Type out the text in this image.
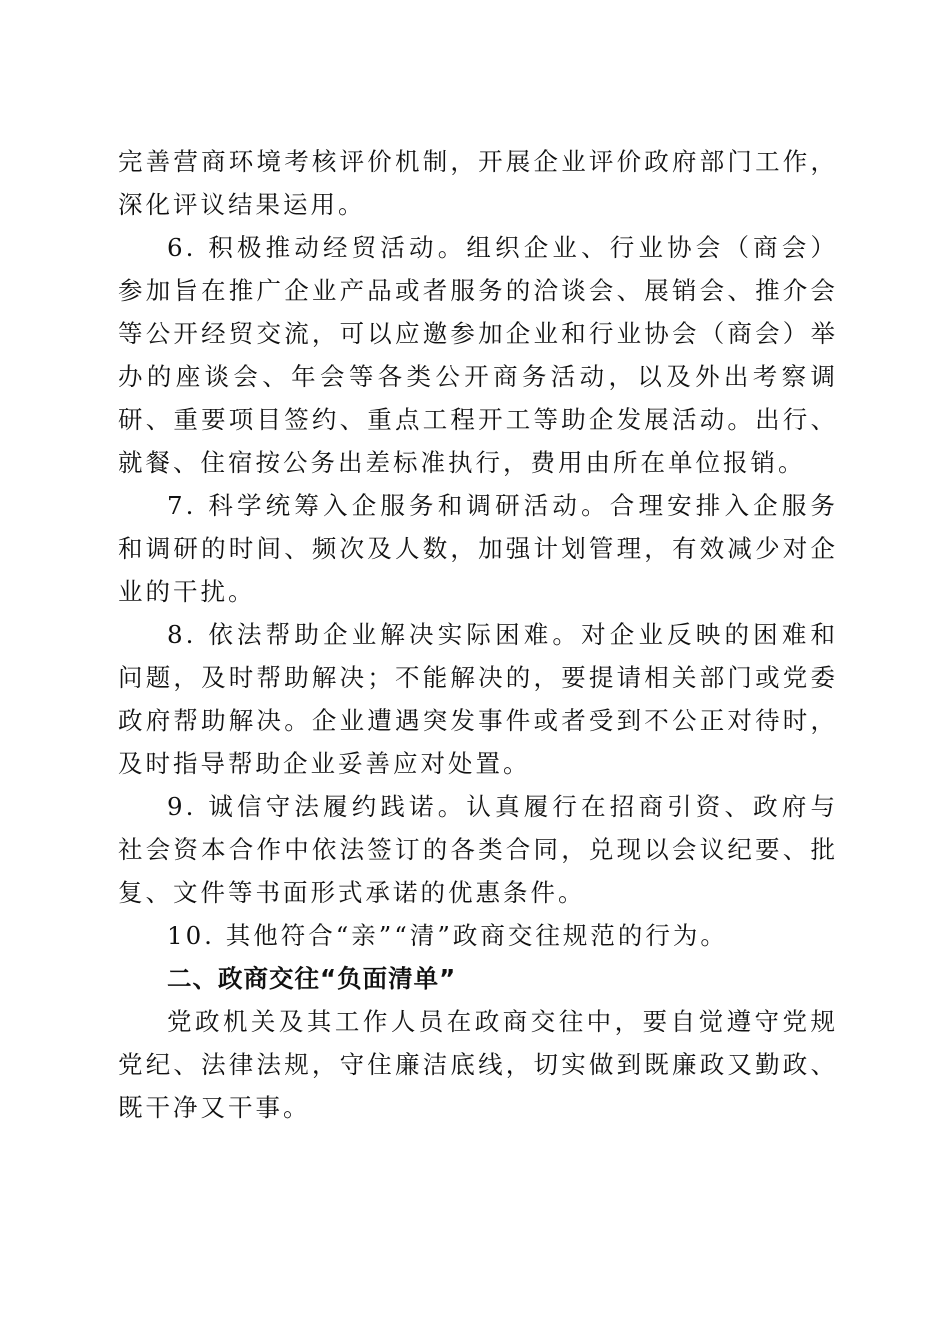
完善营商环境考核评价机制，开展企业评价政府部门工作，深化评议结果运用。

6. 积极推动经贸活动。组织企业、行业协会（商会）参加旨在推广企业产品或者服务的洽谈会、展销会、推介会等公开经贸交流，可以应邀参加企业和行业协会（商会）举办的座谈会、年会等各类公开商务活动，以及外出考察调研、重要项目签约、重点工程开工等助企发展活动。出行、就餐、住宿按公务出差标准执行，费用由所在单位报销。

7. 科学统筹入企服务和调研活动。合理安排入企服务和调研的时间、频次及人数，加强计划管理，有效减少对企业的干扰。

8. 依法帮助企业解决实际困难。对企业反映的困难和问题，及时帮助解决；不能解决的，要提请相关部门或党委政府帮助解决。企业遭遇突发事件或者受到不公正对待时，及时指导帮助企业妥善应对处置。

9. 诚信守法履约践诺。认真履行在招商引资、政府与社会资本合作中依法签订的各类合同，兑现以会议纪要、批复、文件等书面形式承诺的优惠条件。

10. 其他符合“亲”“清”政商交往规范的行为。

二、政商交往“负面清单”

党政机关及其工作人员在政商交往中，要自觉遵守党规党纪、法律法规，守住廉洁底线，切实做到既廉政又勤政、既干净又干事。
